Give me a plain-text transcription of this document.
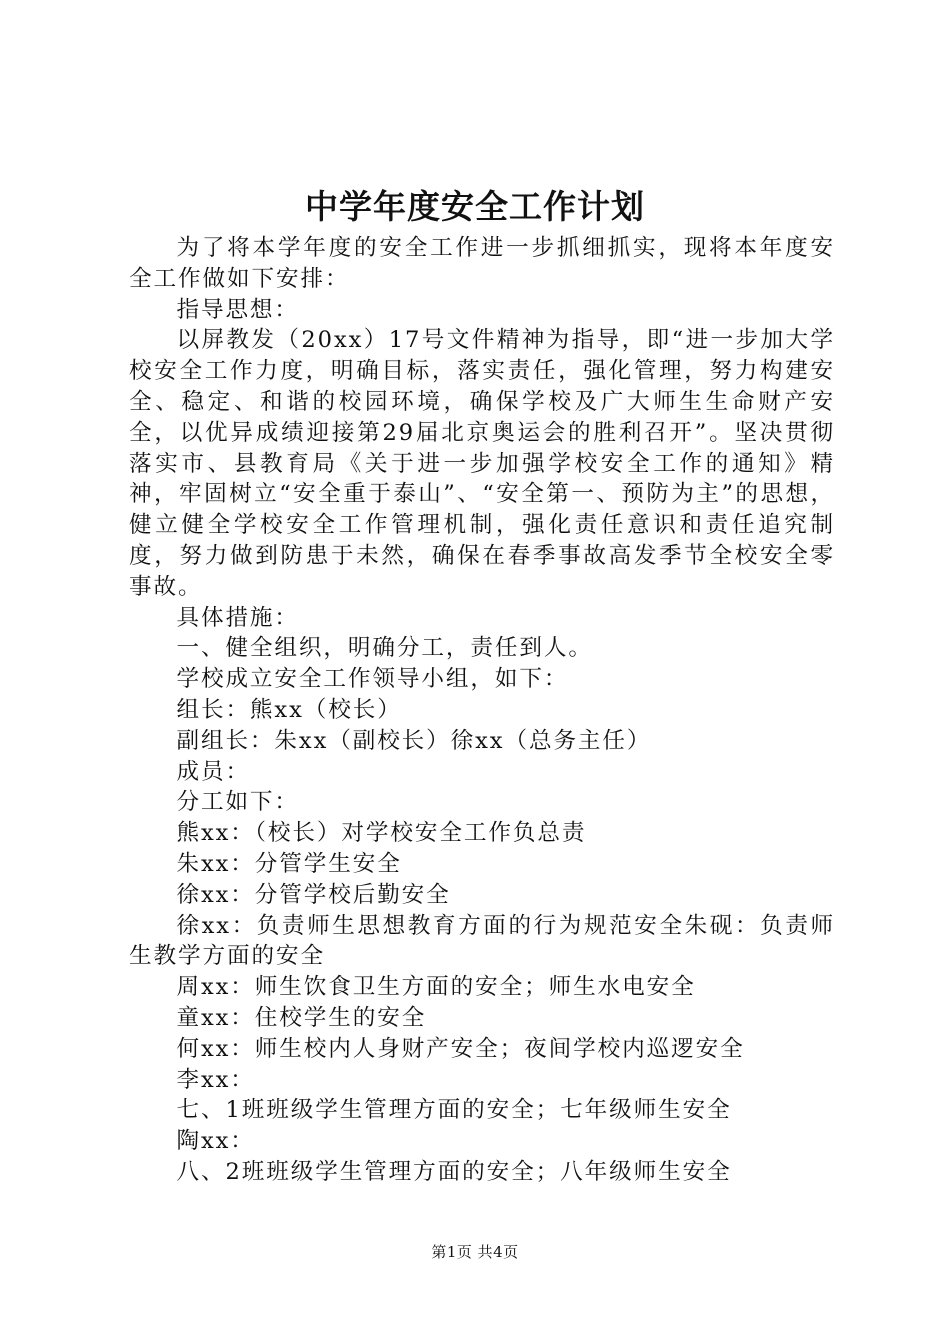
中学年度安全工作计划

为了将本学年度的安全工作进一步抓细抓实，现将本年度安全工作做如下安排：

指导思想：

以屏教发（20xx）17号文件精神为指导，即“进一步加大学校安全工作力度，明确目标，落实责任，强化管理，努力构建安全、稳定、和谐的校园环境，确保学校及广大师生生命财产安全，以优异成绩迎接第29届北京奥运会的胜利召开”。坚决贯彻落实市、县教育局《关于进一步加强学校安全工作的通知》精神，牢固树立“安全重于泰山”、“安全第一、预防为主”的思想，健立健全学校安全工作管理机制，强化责任意识和责任追究制度，努力做到防患于未然，确保在春季事故高发季节全校安全零事故。

具体措施：

一、健全组织，明确分工，责任到人。

学校成立安全工作领导小组，如下：

组长：熊xx（校长）

副组长：朱xx（副校长）徐xx（总务主任）

成员：

分工如下：

熊xx：（校长）对学校安全工作负总责

朱xx：分管学生安全

徐xx：分管学校后勤安全

徐xx：负责师生思想教育方面的行为规范安全朱砚：负责师生教学方面的安全

周xx：师生饮食卫生方面的安全；师生水电安全

童xx：住校学生的安全

何xx：师生校内人身财产安全；夜间学校内巡逻安全

李xx：

七、1班班级学生管理方面的安全；七年级师生安全

陶xx：

八、2班班级学生管理方面的安全；八年级师生安全

第1页 共4页
